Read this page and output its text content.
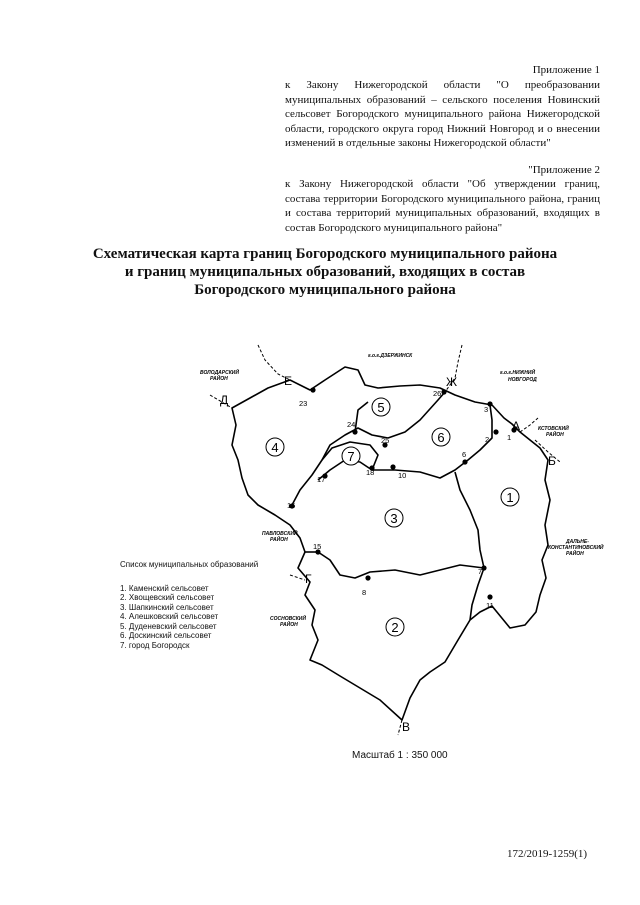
Приложение 1
к Закону Нижегородской области "О преобразовании муниципальных образований – сельского поселения Новинский сельсовет Богородского муниципального района Нижегородской области, городского округа город Нижний Новгород и о внесении изменений в отдельные законы Нижегородской области"
"Приложение 2
к Закону Нижегородской области "Об утверждении границ, состава территории Богородского муниципального района, границ и состава территорий муниципальных образований, входящих в состав Богородского муниципального района"
Схематическая карта границ Богородского муниципального района и границ муниципальных образований, входящих в состав Богородского муниципального района
ВОЛОДАРСКИЙ
РАЙОН
г.о.г.ДЗЕРЖИНСК
г.о.г.НИЖНИЙ
НОВГОРОД
КСТОВСКИЙ
РАЙОН
ПАВЛОВСКИЙ
РАЙОН	ДАЛЬНЕ-
КОНСТАНТИНОВСКИЙ
РАЙОН
СОСНОВСКИЙ
РАЙОН
1
2
3
4
5
6
7
1
2
3
6
7
8
10
11
15
16
17
18
23
24
25
26
А
Б
В
Г
Д
Е	Ж
Список муниципальных образований
1. Каменский сельсовет
2. Хвощевский сельсовет
3. Шапкинский сельсовет
4. Алешковский сельсовет
5. Дуденевский сельсовет
6. Доскинский сельсовет
7. город Богородск
Масштаб 1 : 350 000
172/2019-1259(1)
